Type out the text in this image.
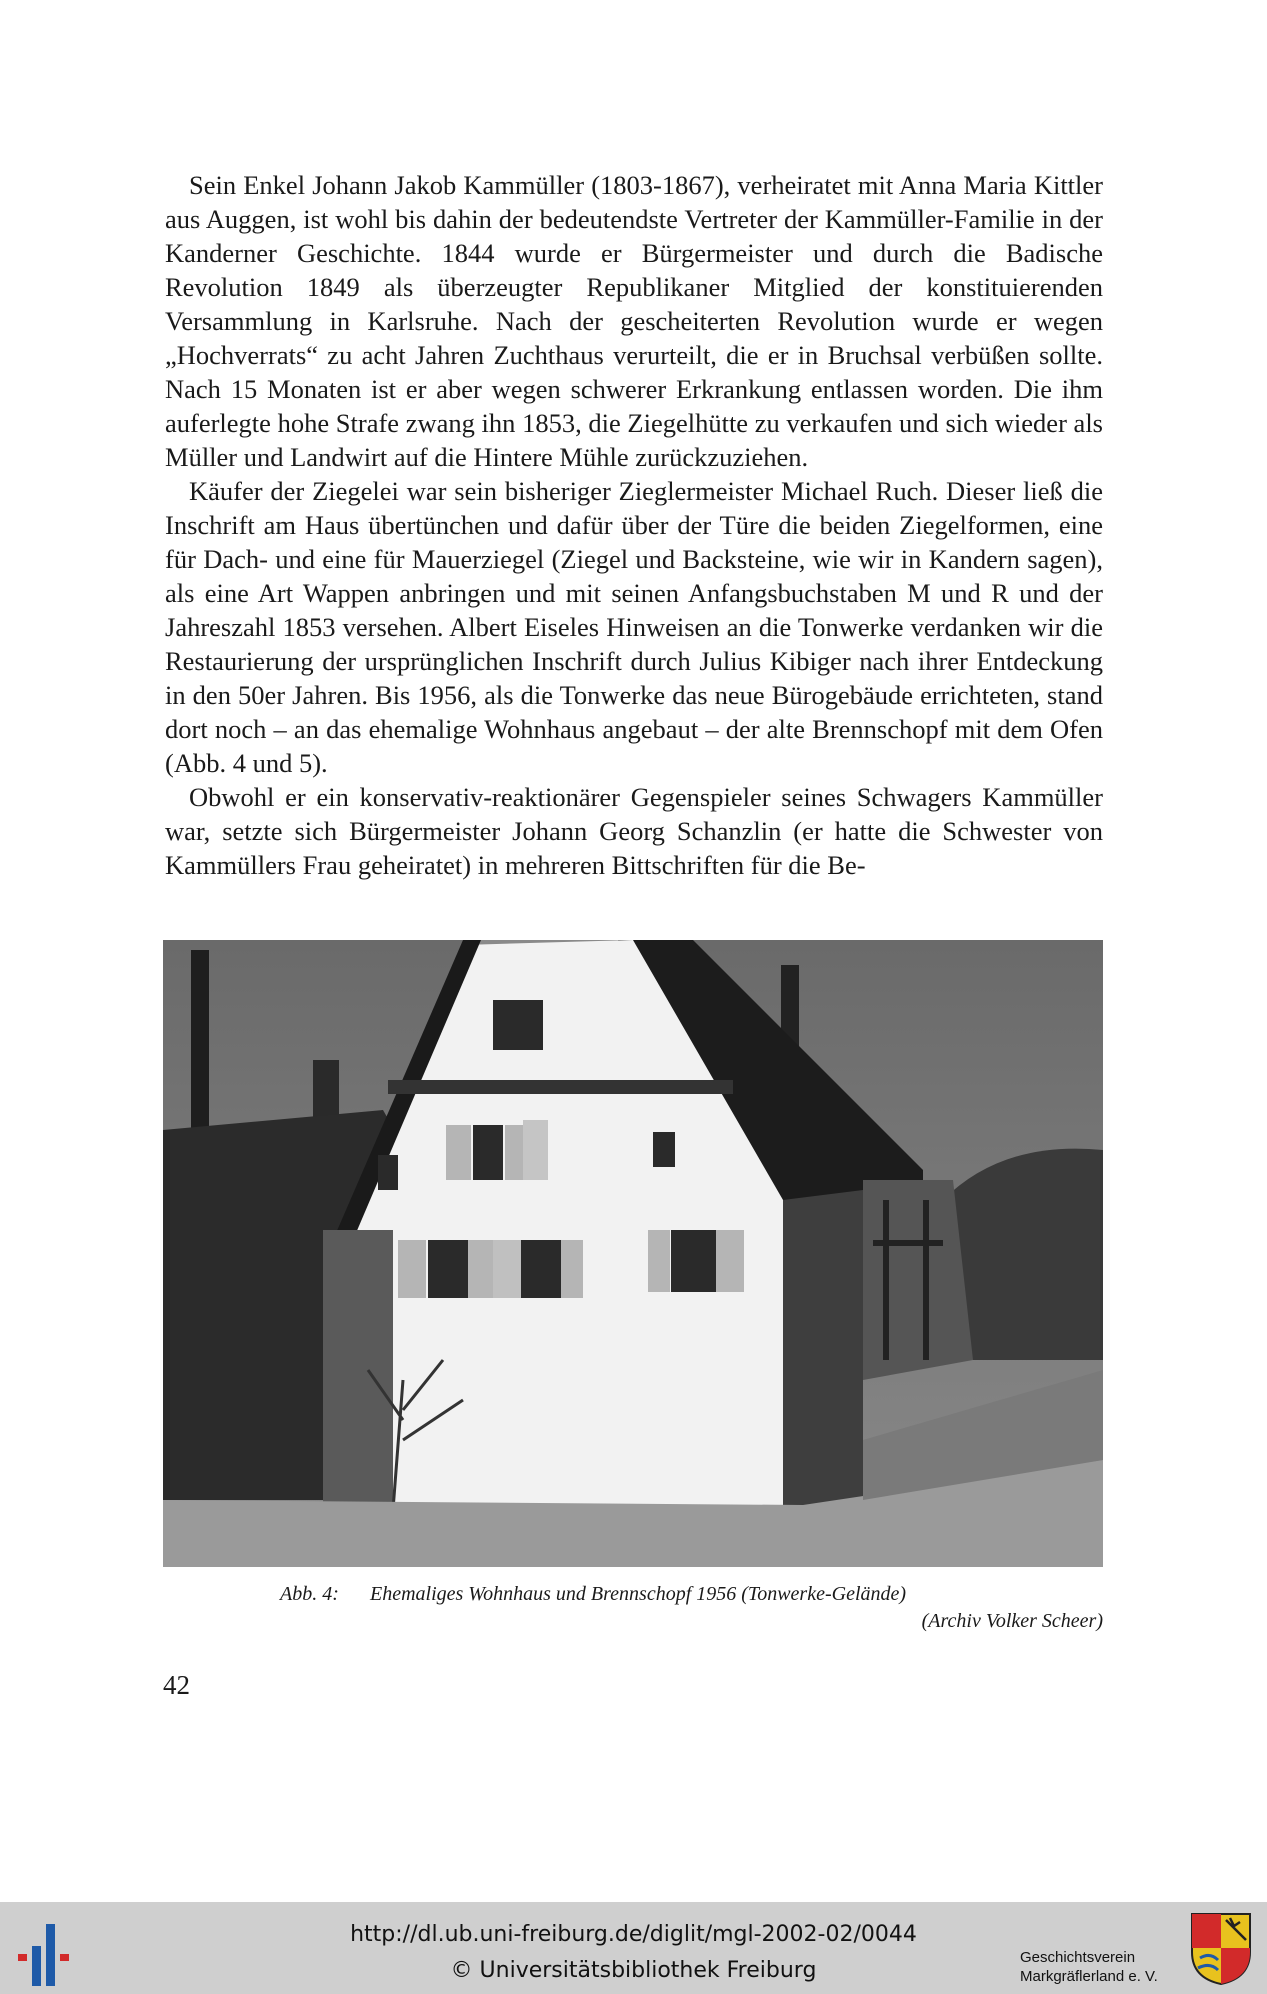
Sein Enkel Johann Jakob Kammüller (1803-1867), verheiratet mit Anna Maria Kittler aus Auggen, ist wohl bis dahin der bedeutendste Vertreter der Kammüller-Familie in der Kanderner Geschichte. 1844 wurde er Bürgermeister und durch die Badische Revolution 1849 als überzeugter Republikaner Mitglied der konstituierenden Versammlung in Karlsruhe. Nach der gescheiterten Revolution wurde er wegen „Hochverrats“ zu acht Jahren Zuchthaus verurteilt, die er in Bruchsal verbüßen sollte. Nach 15 Monaten ist er aber wegen schwerer Erkrankung entlassen worden. Die ihm auferlegte hohe Strafe zwang ihn 1853, die Ziegelhütte zu verkaufen und sich wieder als Müller und Landwirt auf die Hintere Mühle zurückzuziehen.

Käufer der Ziegelei war sein bisheriger Zieglermeister Michael Ruch. Dieser ließ die Inschrift am Haus übertünchen und dafür über der Türe die beiden Ziegelformen, eine für Dach- und eine für Mauerziegel (Ziegel und Backsteine, wie wir in Kandern sagen), als eine Art Wappen anbringen und mit seinen Anfangsbuchstaben M und R und der Jahreszahl 1853 versehen. Albert Eiseles Hinweisen an die Tonwerke verdanken wir die Restaurierung der ursprünglichen Inschrift durch Julius Kibiger nach ihrer Entdeckung in den 50er Jahren. Bis 1956, als die Tonwerke das neue Bürogebäude errichteten, stand dort noch – an das ehemalige Wohnhaus angebaut – der alte Brennschopf mit dem Ofen (Abb. 4 und 5).

Obwohl er ein konservativ-reaktionärer Gegenspieler seines Schwagers Kammüller war, setzte sich Bürgermeister Johann Georg Schanzlin (er hatte die Schwester von Kammüllers Frau geheiratet) in mehreren Bittschriften für die Be-

Abb. 4: Ehemaliges Wohnhaus und Brennschopf 1956 (Tonwerke-Gelände)
(Archiv Volker Scheer)
42
http://dl.ub.uni-freiburg.de/diglit/mgl-2002-02/0044
© Universitätsbibliothek Freiburg
Geschichtsverein
Markgräflerland e. V.
